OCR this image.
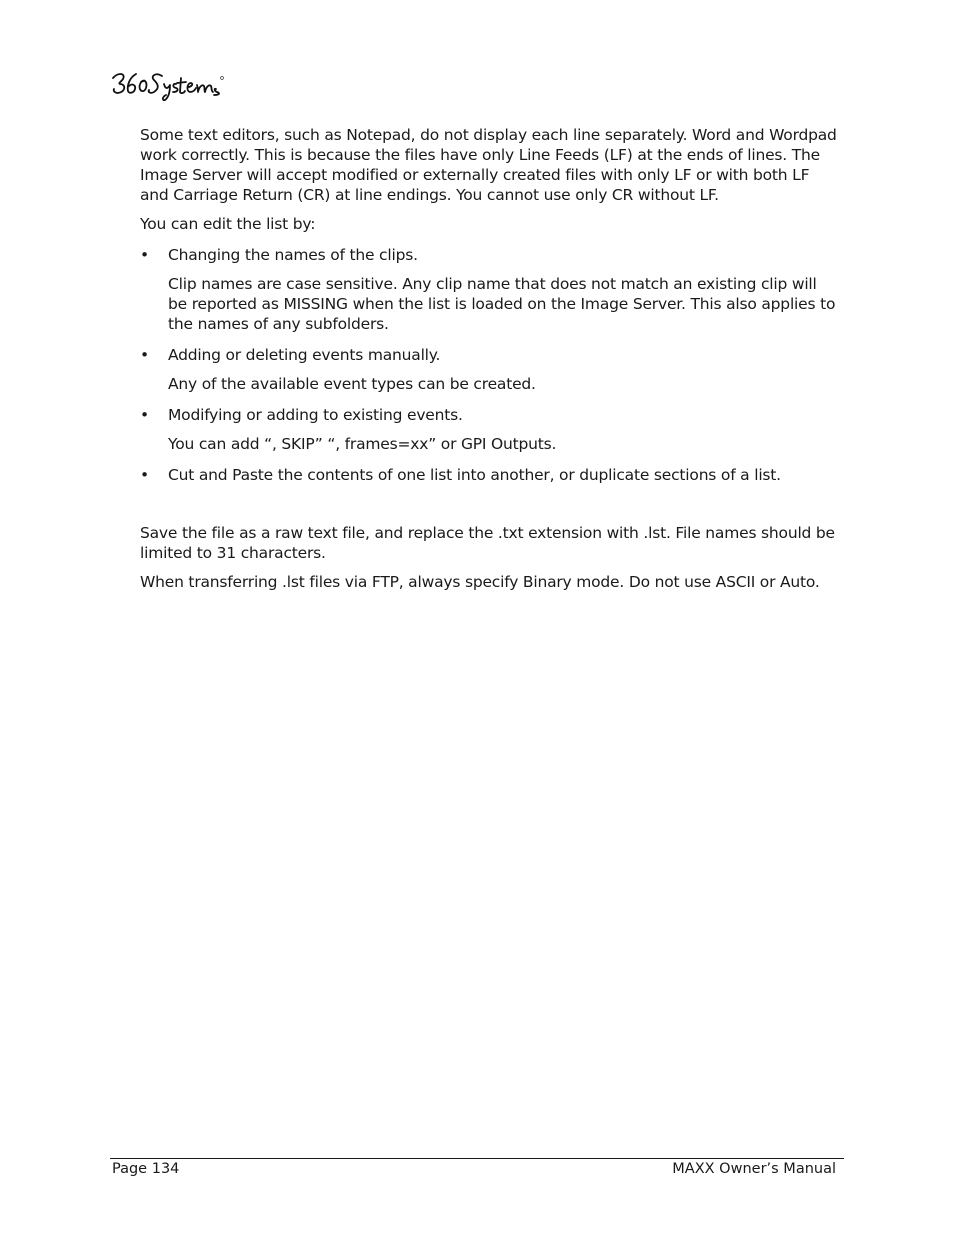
Some text editors, such as Notepad, do not display each line separately. Word and Wordpad work correctly. This is because the files have only Line Feeds (LF) at the ends of lines. The Image Server will accept modified or externally created files with only LF or with both LF and Carriage Return (CR) at line endings. You cannot use only CR without LF.

You can edit the list by:

• Changing the names of the clips.

Clip names are case sensitive. Any clip name that does not match an existing clip will be reported as MISSING when the list is loaded on the Image Server. This also applies to the names of any subfolders.

• Adding or deleting events manually.

Any of the available event types can be created.

• Modifying or adding to existing events.

You can add “, SKIP” “, frames=xx” or GPI Outputs.

• Cut and Paste the contents of one list into another, or duplicate sections of a list.

Save the file as a raw text file, and replace the .txt extension with .lst. File names should be limited to 31 characters.

When transferring .lst files via FTP, always specify Binary mode. Do not use ASCII or Auto.

Page 134	MAXX Owner’s Manual
